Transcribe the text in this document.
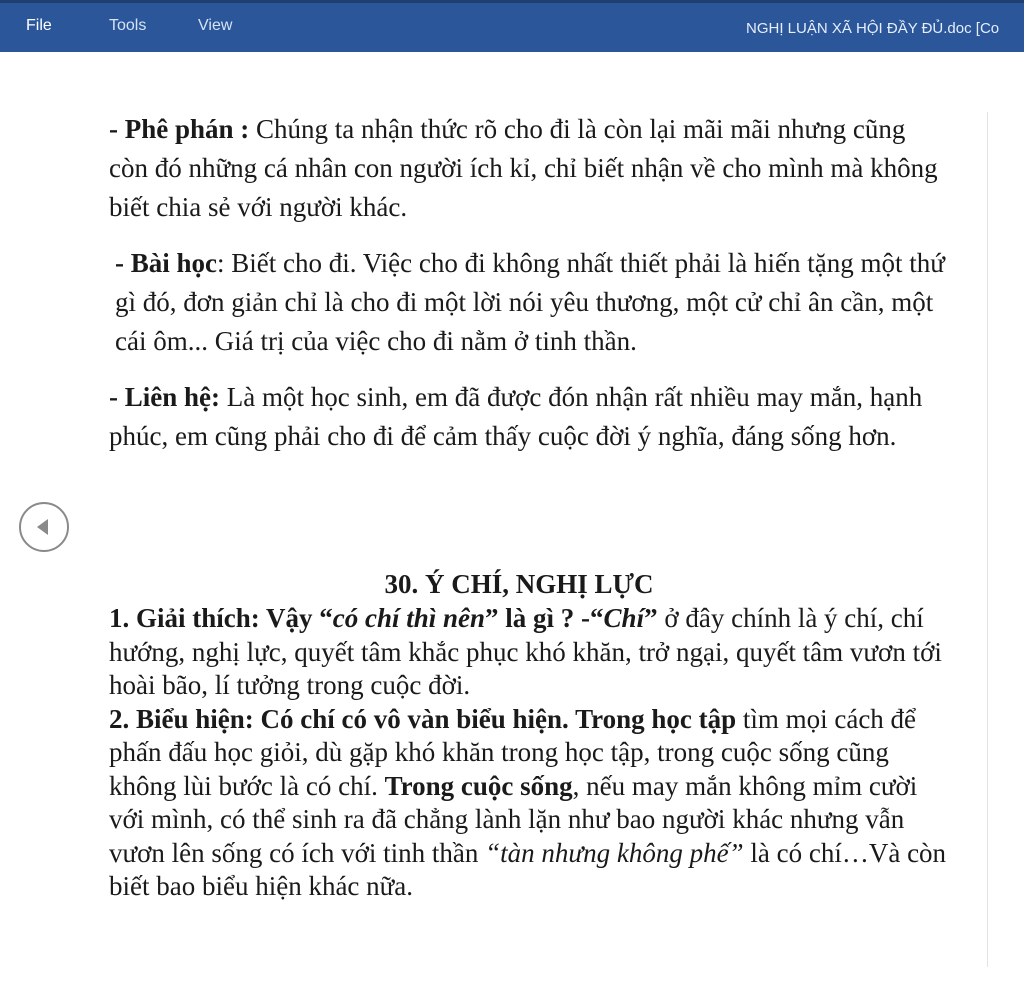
File	Tools	View	NGHỊ LUẬN XÃ HỘI ĐẦY ĐỦ.doc [Co

- Phê phán : Chúng ta nhận thức rõ cho đi là còn lại mãi mãi nhưng cũng còn đó những cá nhân con người ích kỉ, chỉ biết nhận về cho mình mà không biết chia sẻ với người khác.

- Bài học: Biết cho đi. Việc cho đi không nhất thiết phải là hiến tặng một thứ gì đó, đơn giản chỉ là cho đi một lời nói yêu thương, một cử chỉ ân cần, một cái ôm... Giá trị của việc cho đi nằm ở tinh thần.

- Liên hệ: Là một học sinh, em đã được đón nhận rất nhiều may mắn, hạnh phúc, em cũng phải cho đi để cảm thấy cuộc đời ý nghĩa, đáng sống hơn.

30. Ý CHÍ, NGHỊ LỰC

1. Giải thích: Vậy “có chí thì nên” là gì ? -“Chí” ở đây chính là ý chí, chí hướng, nghị lực, quyết tâm khắc phục khó khăn, trở ngại, quyết tâm vươn tới hoài bão, lí tưởng trong cuộc đời.

2. Biểu hiện: Có chí có vô vàn biểu hiện. Trong học tập tìm mọi cách để phấn đấu học giỏi, dù gặp khó khăn trong học tập, trong cuộc sống cũng không lùi bước là có chí. Trong cuộc sống, nếu may mắn không mỉm cười với mình, có thể sinh ra đã chẳng lành lặn như bao người khác nhưng vẫn vươn lên sống có ích với tinh thần “tàn nhưng không phế” là có chí…Và còn biết bao biểu hiện khác nữa.
